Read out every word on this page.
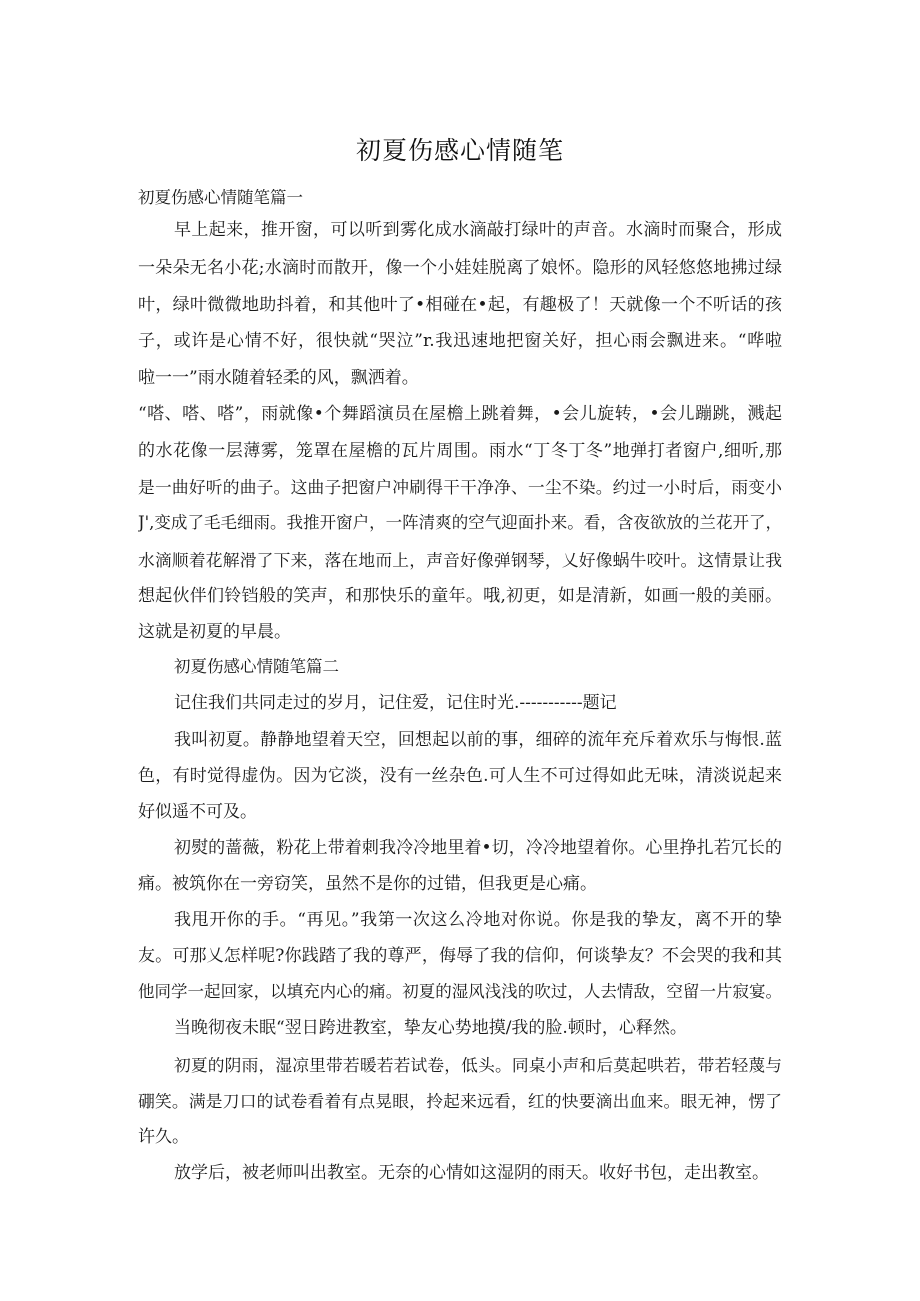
初夏伤感心情随笔
初夏伤感心情随笔篇一
早上起来，推开窗，可以听到雾化成水滴敲打绿叶的声音。水滴时而聚合，形成
一朵朵无名小花;水滴时而散开，像一个小娃娃脱离了娘怀。隐形的风轻悠悠地拂过绿
叶，绿叶微微地助抖着，和其他叶了•相碰在•起，有趣极了！天就像一个不听话的孩
子，或许是心情不好，很快就“哭泣”r.我迅速地把窗关好，担心雨会飘进来。“哗啦
啦一一”雨水随着轻柔的风，飘洒着。
“嗒、嗒、嗒”，雨就像•个舞蹈演员在屋檐上跳着舞，•会儿旋转，•会儿蹦跳，溅起
的水花像一层薄雾，笼罩在屋檐的瓦片周围。雨水“丁冬丁冬”地弹打者窗户,细听,那
是一曲好听的曲子。这曲子把窗户冲刷得干干净净、一尘不染。约过一小时后，雨变小
J',变成了毛毛细雨。我推开窗户，一阵清爽的空气迎面扑来。看，含夜欲放的兰花开了，
水滴顺着花解滑了下来，落在地而上，声音好像弹钢琴，乂好像蜗牛咬叶。这情景让我
想起伙伴们铃铛般的笑声，和那快乐的童年。哦,初更，如是清新，如画一般的美丽。
这就是初夏的早晨。
初夏伤感心情随笔篇二
记住我们共同走过的岁月，记住爱，记住时光.-----------题记
我叫初夏。静静地望着天空，回想起以前的事，细碎的流年充斥着欢乐与悔恨.蓝
色，有时觉得虚伪。因为它淡，没有一丝杂色.可人生不可过得如此无味，清淡说起来
好似遥不可及。
初熨的蔷薇，粉花上带着刺我冷冷地里着•切，冷冷地望着你。心里挣扎若冗长的
痛。被筑你在一旁窃笑，虽然不是你的过错，但我更是心痛。
我甩开你的手。“再见。”我第一次这么冷地对你说。你是我的挚友，离不开的挚
友。可那乂怎样呢?你践踏了我的尊严，侮辱了我的信仰，何谈挚友？不会哭的我和其
他同学一起回家，以填充内心的痛。初夏的湿风浅浅的吹过，人去情敌，空留一片寂宴。
当晚彻夜未眠“翌日跨进教室，挚友心势地摸/我的脸.顿时，心释然。
初夏的阴雨，湿凉里带若暖若若试卷，低头。同桌小声和后莫起哄若，带若轻蔑与
硼笑。满是刀口的试卷看着有点晃眼，拎起来远看，红的快要滴出血来。眼无神，愣了
许久。
放学后，被老师叫出教室。无奈的心情如这湿阴的雨天。收好书包，走出教室。
